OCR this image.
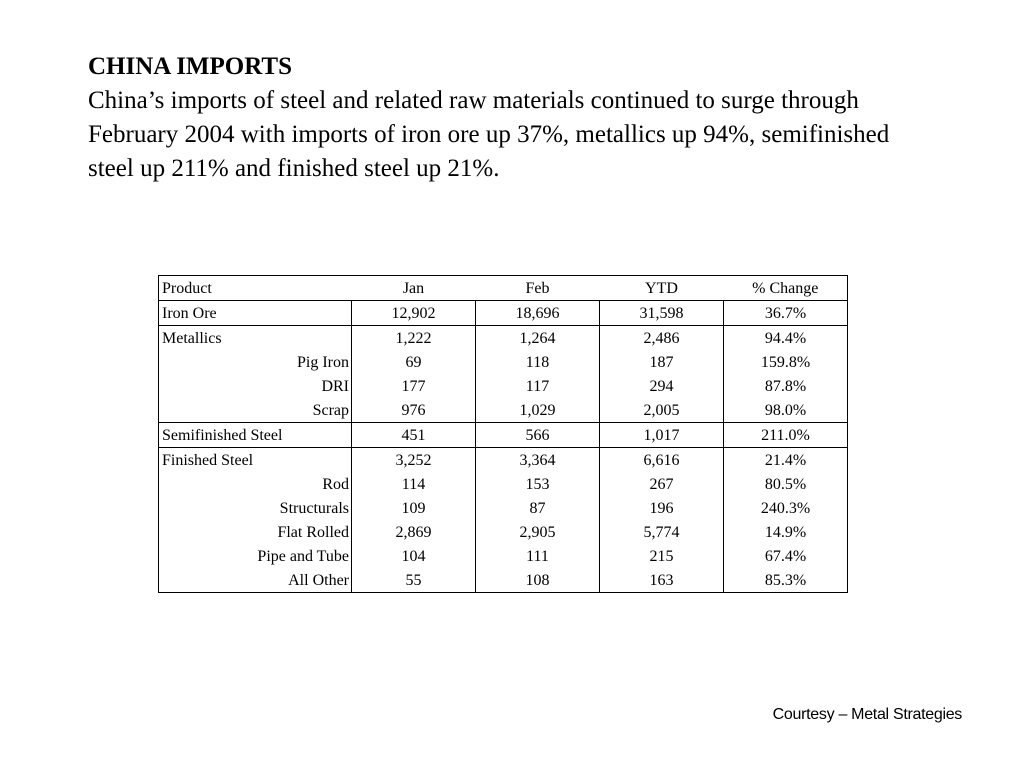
CHINA IMPORTS
China’s imports of steel and related raw materials continued to surge through February 2004 with imports of iron ore up 37%, metallics up 94%, semifinished steel up 211% and finished steel up 21%.
Product	Jan	Feb	YTD	% Change
Iron Ore	12,902	18,696	31,598	36.7%
Metallics	1,222	1,264	2,486	94.4%
Pig Iron	69	118	187	159.8%
DRI	177	117	294	87.8%
Scrap	976	1,029	2,005	98.0%
Semifinished Steel	451	566	1,017	211.0%
Finished Steel	3,252	3,364	6,616	21.4%
Rod	114	153	267	80.5%
Structurals	109	87	196	240.3%
Flat Rolled	2,869	2,905	5,774	14.9%
Pipe and Tube	104	111	215	67.4%
All Other	55	108	163	85.3%
Courtesy – Metal Strategies
